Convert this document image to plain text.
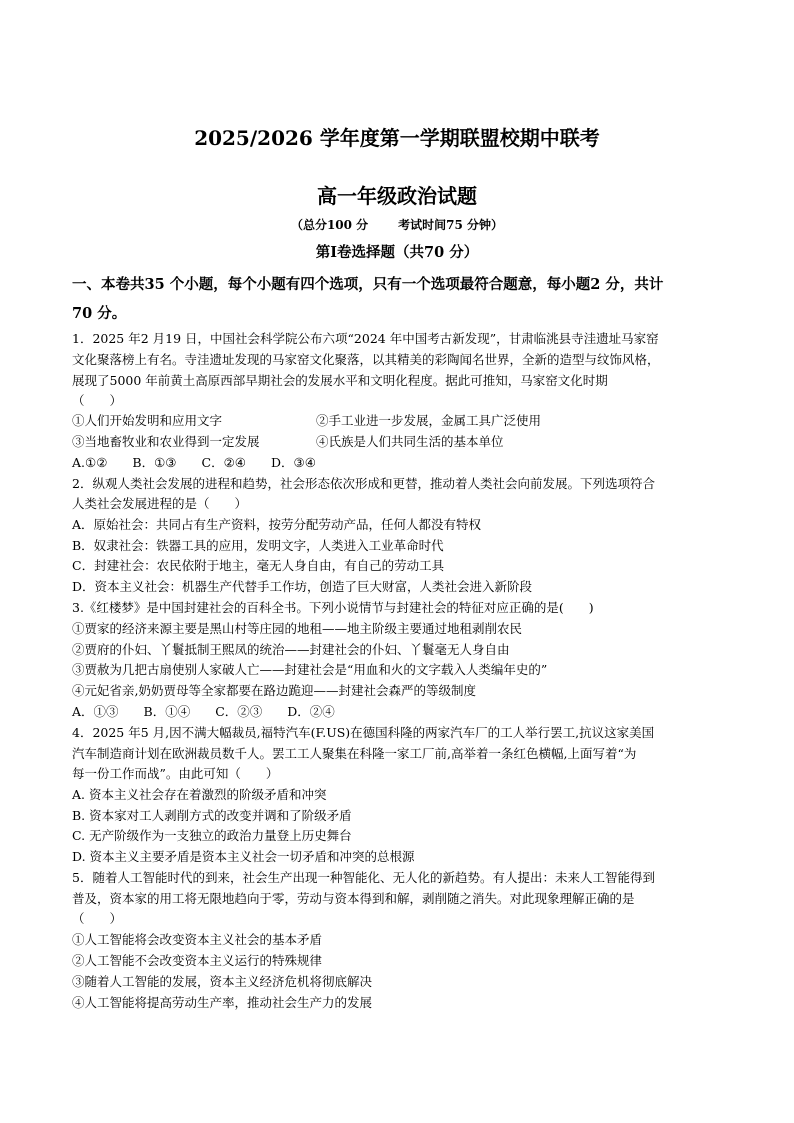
2025/2026 学年度第一学期联盟校期中联考
高一年级政治试题
（总分100 分	考试时间75 分钟）
第Ⅰ卷选择题（共70 分）
一、本卷共35 个小题，每个小题有四个选项，只有一个选项最符合题意，每小题2 分，共计
70 分。
1．2025 年2 月19 日，中国社会科学院公布六项“2024 年中国考古新发现”，甘肃临洮县寺洼遗址马家窑
文化聚落榜上有名。寺洼遗址发现的马家窑文化聚落，以其精美的彩陶闻名世界，全新的造型与纹饰风格，
展现了5000 年前黄土高原西部早期社会的发展水平和文明化程度。据此可推知，马家窑文化时期
（　　）
①人们开始发明和应用文字	②手工业进一步发展，金属工具广泛使用
③当地畜牧业和农业得到一定发展	④氏族是人们共同生活的基本单位
A.①②　　B．①③　　C．②④　　D．③④
2．纵观人类社会发展的进程和趋势，社会形态依次形成和更替，推动着人类社会向前发展。下列选项符合
人类社会发展进程的是（　　）
A．原始社会：共同占有生产资料，按劳分配劳动产品，任何人都没有特权
B．奴隶社会：铁器工具的应用，发明文字，人类进入工业革命时代
C．封建社会：农民依附于地主，毫无人身自由，有自己的劳动工具
D．资本主义社会：机器生产代替手工作坊，创造了巨大财富，人类社会进入新阶段
3.《红楼梦》是中国封建社会的百科全书。下列小说情节与封建社会的特征对应正确的是(　　)
①贾家的经济来源主要是黑山村等庄园的地租——地主阶级主要通过地租剥削农民
②贾府的仆妇、丫鬟抵制王熙凤的统治——封建社会的仆妇、丫鬟毫无人身自由
③贾赦为几把古扇使别人家破人亡——封建社会是“用血和火的文字载入人类编年史的”
④元妃省亲,奶奶贾母等全家都要在路边跪迎——封建社会森严的等级制度
A．①③　　B．①④　　C．②③　　D．②④
4．2025 年5 月,因不满大幅裁员,福特汽车(F.US)在德国科隆的两家汽车厂的工人举行罢工,抗议这家美国
汽车制造商计划在欧洲裁员数千人。罢工工人聚集在科隆一家工厂前,高举着一条红色横幅,上面写着“为
每一份工作而战”。由此可知（　　）
A. 资本主义社会存在着激烈的阶级矛盾和冲突
B. 资本家对工人剥削方式的改变并调和了阶级矛盾
C. 无产阶级作为一支独立的政治力量登上历史舞台
D. 资本主义主要矛盾是资本主义社会一切矛盾和冲突的总根源
5．随着人工智能时代的到来，社会生产出现一种智能化、无人化的新趋势。有人提出：未来人工智能得到
普及，资本家的用工将无限地趋向于零，劳动与资本得到和解，剥削随之消失。对此现象理解正确的是
（　　）
①人工智能将会改变资本主义社会的基本矛盾
②人工智能不会改变资本主义运行的特殊规律
③随着人工智能的发展，资本主义经济危机将彻底解决
④人工智能将提高劳动生产率，推动社会生产力的发展
